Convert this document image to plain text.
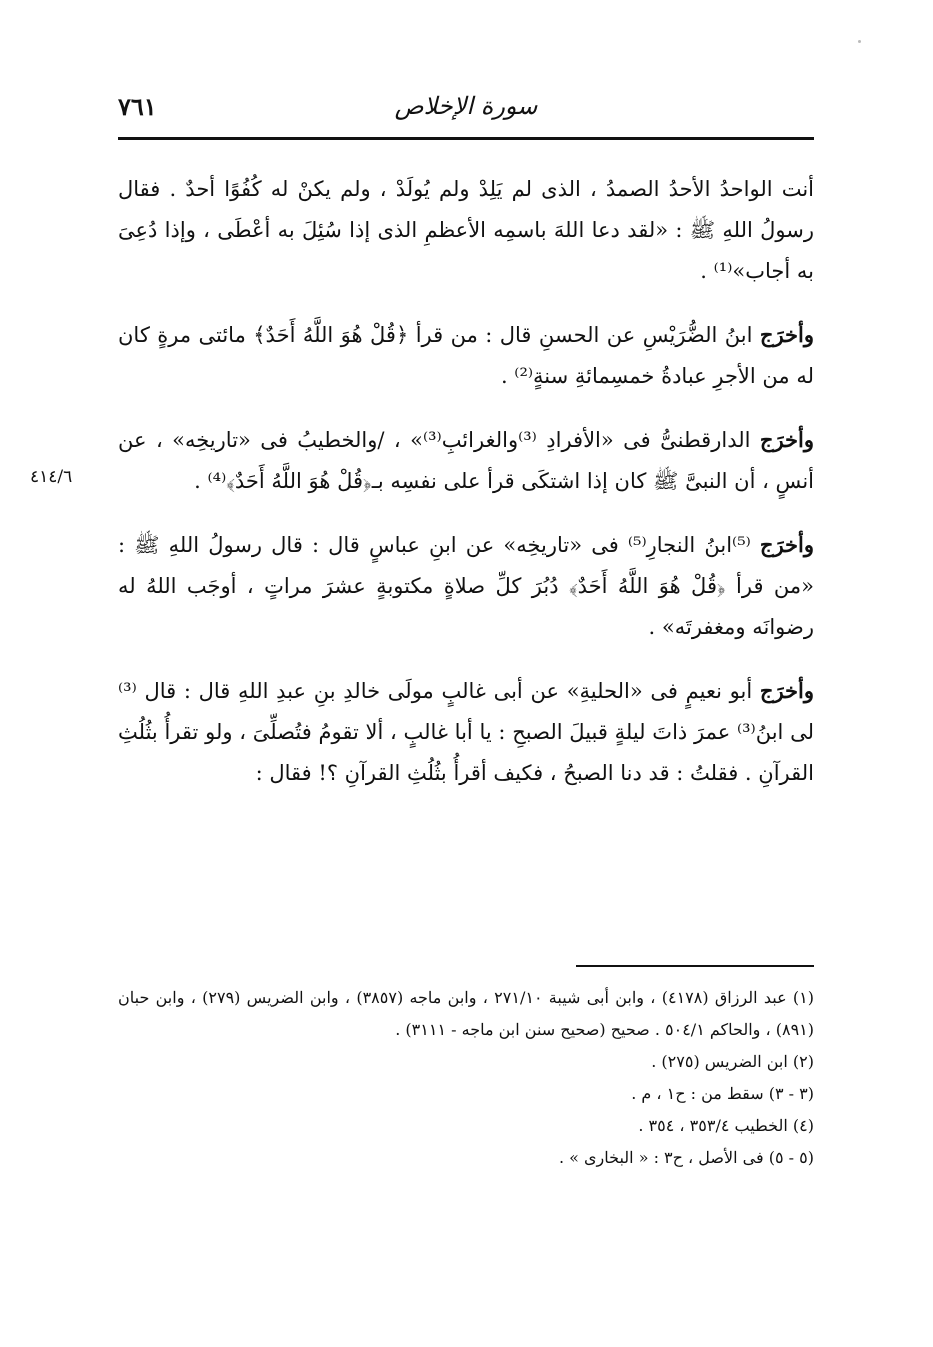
سورة الإخلاص
٧٦١
٤١٤/٦

أنت الواحدُ الأحدُ الصمدُ ، الذى لم يَلِدْ ولم يُولَدْ ، ولم يكنْ له كُفُوًا أحدٌ . فقال رسولُ اللهِ ﷺ : «لقد دعا اللهَ باسمِه الأعظمِ الذى إذا سُئِلَ به أعْطَى ، وإذا دُعِىَ به أجاب»⁽¹⁾ .

وأخرَج ابنُ الضُّرَيْسِ عن الحسنِ قال : من قرأ ﴿قُلْ هُوَ اللَّهُ أَحَدٌ﴾ مائتى مرةٍ كان له من الأجرِ عبادةُ خمسِمائةِ سنةٍ⁽²⁾ .

وأخرَج الدارقطنىُّ فى «الأفرادِ ⁽³⁾والغرائبِ⁽³⁾» ، /والخطيبُ فى «تاريخِه» ، عن أنسٍ ، أن النبىَّ ﷺ كان إذا اشتكَى قرأ على نفسِه بـ﴿قُلْ هُوَ اللَّهُ أَحَدٌ﴾⁽⁴⁾ .

وأخرَج ⁽⁵⁾ابنُ النجارِ⁽⁵⁾ فى «تاريخِه» عن ابنِ عباسٍ قال : قال رسولُ اللهِ ﷺ : «من قرأ ﴿قُلْ هُوَ اللَّهُ أَحَدٌ﴾ دُبُرَ كلِّ صلاةٍ مكتوبةٍ عشرَ مراتٍ ، أوجَب اللهُ له رضوانَه ومغفرتَه» .

وأخرَج أبو نعيمٍ فى «الحليةِ» عن أبى غالبٍ مولَى خالدِ بنِ عبدِ اللهِ قال : قال ⁽³⁾لى ابنُ⁽³⁾ عمرَ ذاتَ ليلةٍ قبيلَ الصبحِ : يا أبا غالبٍ ، ألا تقومُ فتُصلِّىَ ، ولو تقرأُ بثُلُثِ القرآنِ . فقلتُ : قد دنا الصبحُ ، فكيف أقرأُ بثُلُثِ القرآنِ ؟! فقال :

(١) عبد الرزاق (٤١٧٨) ، وابن أبى شيبة ٢٧١/١٠ ، وابن ماجه (٣٨٥٧) ، وابن الضريس (٢٧٩) ، وابن حبان (٨٩١) ، والحاكم ٥٠٤/١ . صحيح (صحيح سنن ابن ماجه - ٣١١١) .

(٢) ابن الضريس (٢٧٥) .

(٣ - ٣) سقط من : ح١ ، م .

(٤) الخطيب ٣٥٣/٤ ، ٣٥٤ .

(٥ - ٥) فى الأصل ، ح٣ : « البخارى » .
